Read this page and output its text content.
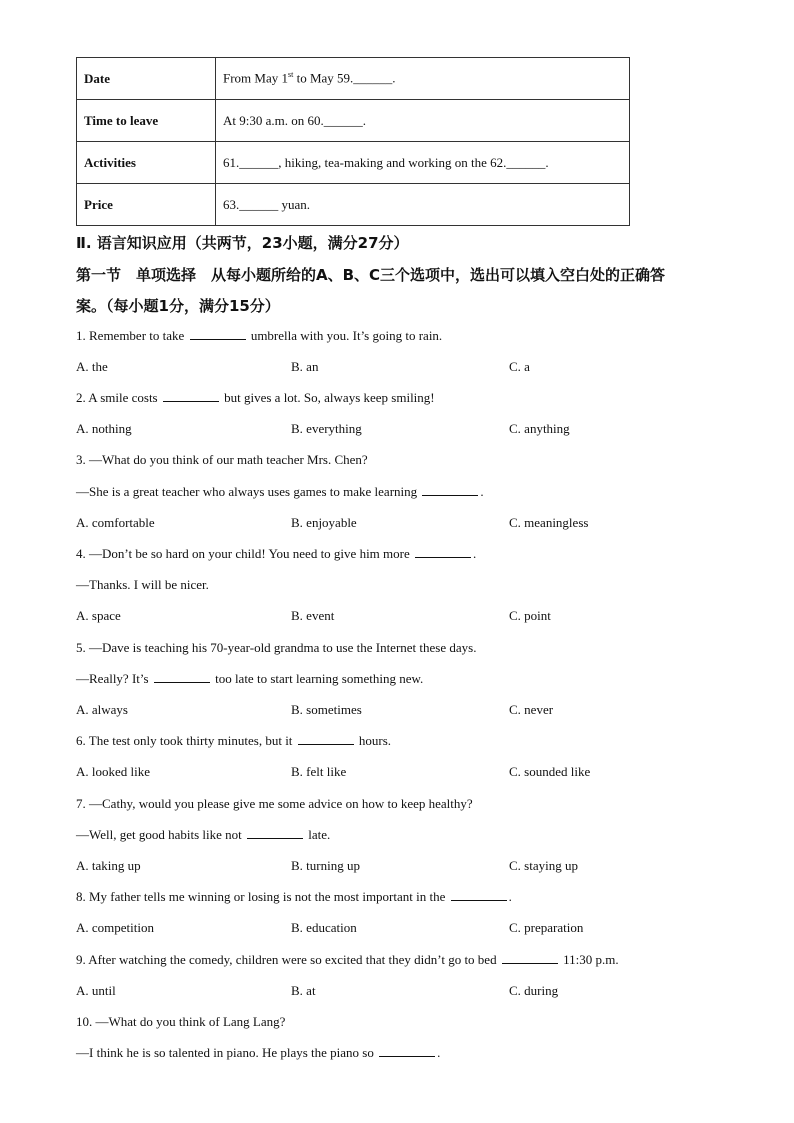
Date	From May 1st to May 59.______.
Time to leave	At 9:30 a.m. on 60.______.
Activities	61.______, hiking, tea-making and working on the 62.______.
Price	63.______ yuan.
Ⅱ. 语言知识应用（共两节，23小题，满分27分）
第一节　单项选择　从每小题所给的A、B、C三个选项中，选出可以填入空白处的正确答
案。（每小题1分，满分15分）
1. Remember to take	umbrella with you. It’s going to rain.
A. the	B. an	C. a
2. A smile costs	but gives a lot. So, always keep smiling!
A. nothing	B. everything	C. anything
3. —What do you think of our math teacher Mrs. Chen?
—She is a great teacher who always uses games to make learning	.
A. comfortable	B. enjoyable	C. meaningless
4. —Don’t be so hard on your child! You need to give him more	.
—Thanks. I will be nicer.
A. space	B. event	C. point
5. —Dave is teaching his 70-year-old grandma to use the Internet these days.
—Really? It’s	too late to start learning something new.
A. always	B. sometimes	C. never
6. The test only took thirty minutes, but it	hours.
A. looked like	B. felt like	C. sounded like
7. —Cathy, would you please give me some advice on how to keep healthy?
—Well, get good habits like not	late.
A. taking up	B. turning up	C. staying up
8. My father tells me winning or losing is not the most important in the	.
A. competition	B. education	C. preparation
9. After watching the comedy, children were so excited that they didn’t go to bed	11:30 p.m.
A. until	B. at	C. during
10. —What do you think of Lang Lang?
—I think he is so talented in piano. He plays the piano so	.
